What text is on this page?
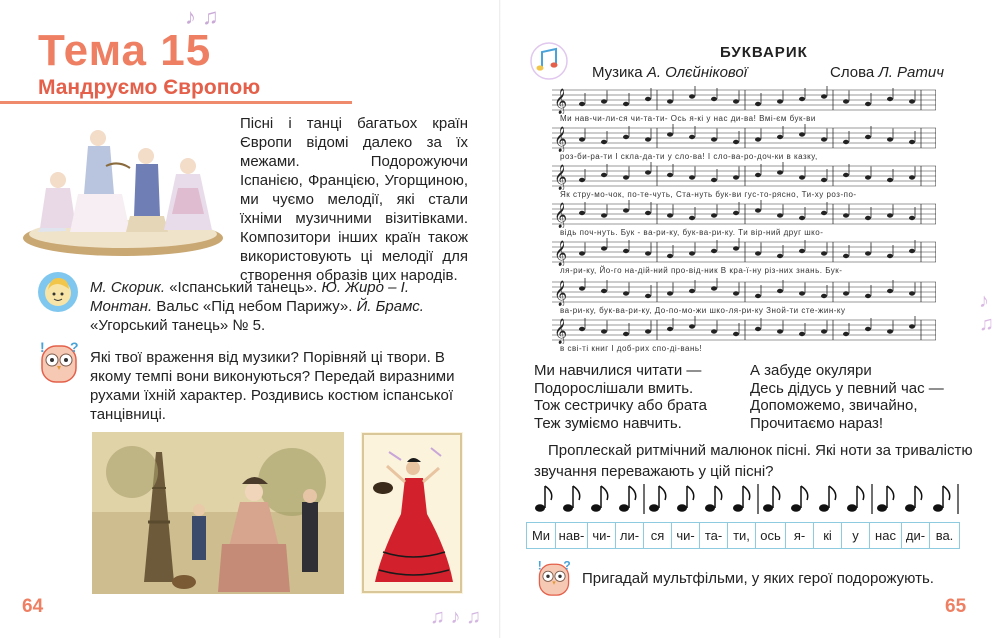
♪ ♫
Тема 15
Мандруємо Європою
Пісні і танці багатьох країн Європи відомі далеко за їх межами. Подорожуючи Іспанією, Францією, Угорщиною, ми чуємо мелодії, які стали їхніми музичними візитівками. Композитори інших країн також використовують ці мелодії для створення образів цих народів.
М. Скорик. «Іспанський танець». Ю. Жиро – І. Монтан. Вальс «Під небом Парижу». Й. Брамс. «Угорський танець» № 5.
! ?
Які твої враження від музики? Порівняй ці твори. В якому темпі вони виконуються? Передай виразними рухами їхній характер. Роздивись костюм іспанської танцівниці.
64
БУКВАРИК
Музика А. Олєйнікової	Слова Л. Ратич
𝄞
Ми нав-чи-ли-ся чи-та-ти- Ось я-кі у нас ди-ва! Вмі-єм бук-ви
𝄞
роз-би-ра-ти І скла-да-ти у сло-ва! І сло-ва-ро-доч-ки в казку,
𝄞
Як стру-мо-чок, по-те-чуть, Ста-нуть бук-ви гус-то-рясно, Ти-ху роз-по-
𝄞
відь поч-нуть. Бук - ва-ри-ку, бук-ва-ри-ку. Ти вір-ний друг шко-
𝄞
ля-ри-ку, Йо-го на-дій-ний про-від-ник В кра-ї-ну різ-них знань. Бук-
𝄞
ва-ри-ку, бук-ва-ри-ку, До-по-мо-жи шко-ля-ри-ку Зной-ти сте-жин-ку
𝄞
в сві-ті книг І доб-рих спо-ді-вань!
Ми навчилися читати —
Подорослішали вмить.
Тож сестричку або брата
Теж зуміємо навчить.
А забуде окуляри
Десь дідусь у певний час —
Допоможемо, звичайно,
Прочитаємо нараз!
Проплескай ритмічний малюнок пісні. Які ноти за тривалістю звучання переважають у цій пісні?
Ми нав- чи- ли- ся чи- та- ти, ось	я-	кі	у	нас ди- ва.
! ?
Пригадай мультфільми, у яких герої подорожують.
♪
♫
♫ ♪ ♫	65
